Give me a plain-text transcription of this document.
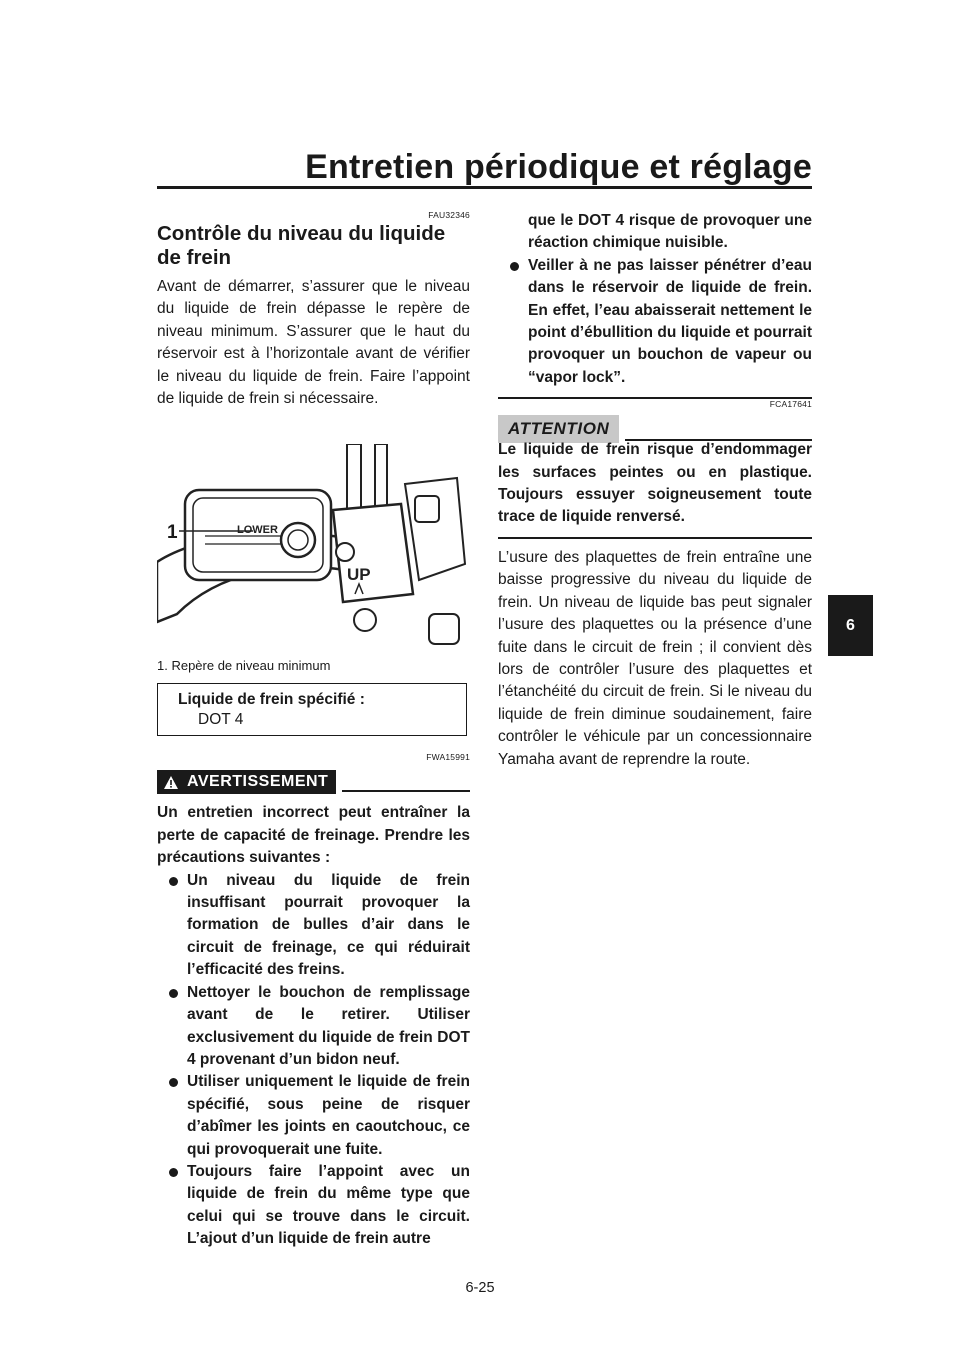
Entretien périodique et réglage
6
FAU32346
Contrôle du niveau du liquide de frein

Avant de démarrer, s’assurer que le niveau du liquide de frein dépasse le repère de niveau minimum. S’assurer que le haut du réservoir est à l’horizontale avant de vérifier le niveau du liquide de frein. Faire l’appoint de liquide de frein si nécessaire.

LOWER
UP
1
1. Repère de niveau minimum
Liquide de frein spécifié :
DOT 4
FWA15991
AVERTISSEMENT

Un entretien incorrect peut entraîner la perte de capacité de freinage. Prendre les précautions suivantes :

Un niveau du liquide de frein insuffisant pourrait provoquer la formation de bulles d’air dans le circuit de freinage, ce qui réduirait l’efficacité des freins.
Nettoyer le bouchon de remplissage avant de le retirer. Utiliser exclusivement du liquide de frein DOT 4 provenant d’un bidon neuf.
Utiliser uniquement le liquide de frein spécifié, sous peine de risquer d’abîmer les joints en caoutchouc, ce qui provoquerait une fuite.
Toujours faire l’appoint avec un liquide de frein du même type que celui qui se trouve dans le circuit. L’ajout d’un liquide de frein autre

que le DOT 4 risque de provoquer une réaction chimique nuisible.

Veiller à ne pas laisser pénétrer d’eau dans le réservoir de liquide de frein. En effet, l’eau abaisserait nettement le point d’ébullition du liquide et pourrait provoquer un bouchon de vapeur ou “vapor lock”.
ATTENTION
FCA17641

Le liquide de frein risque d’endommager les surfaces peintes ou en plastique. Toujours essuyer soigneusement toute trace de liquide renversé.

L’usure des plaquettes de frein entraîne une baisse progressive du niveau du liquide de frein. Un niveau de liquide bas peut signaler l’usure des plaquettes ou la présence d’une fuite dans le circuit de frein ; il convient dès lors de contrôler l’usure des plaquettes et l’étanchéité du circuit de frein. Si le niveau du liquide de frein diminue soudainement, faire contrôler le véhicule par un concessionnaire Yamaha avant de reprendre la route.

6-25
